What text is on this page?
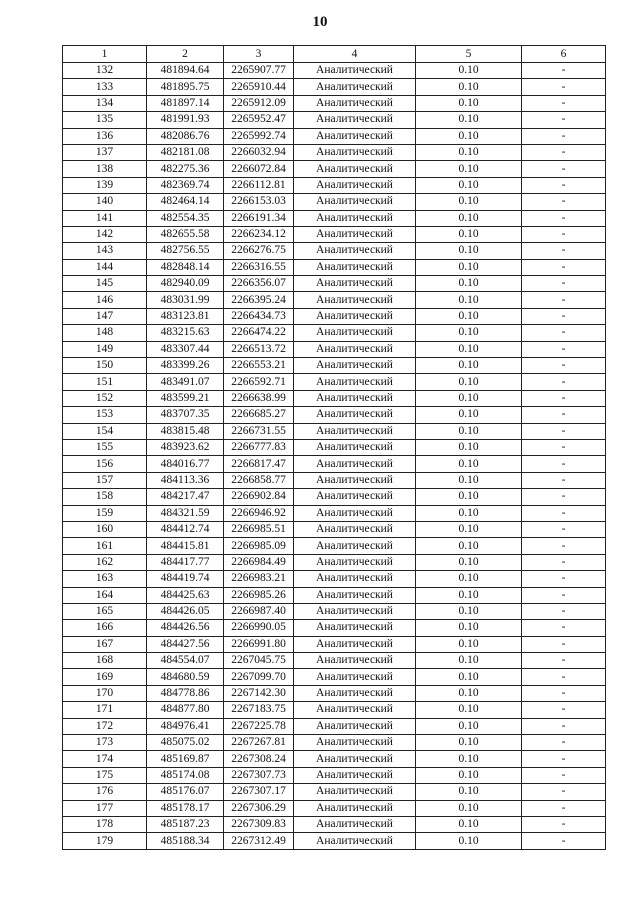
10
1	2	3	4	5	6
132	481894.64	2265907.77	Аналитический	0.10	-
133	481895.75	2265910.44	Аналитический	0.10	-
134	481897.14	2265912.09	Аналитический	0.10	-
135	481991.93	2265952.47	Аналитический	0.10	-
136	482086.76	2265992.74	Аналитический	0.10	-
137	482181.08	2266032.94	Аналитический	0.10	-
138	482275.36	2266072.84	Аналитический	0.10	-
139	482369.74	2266112.81	Аналитический	0.10	-
140	482464.14	2266153.03	Аналитический	0.10	-
141	482554.35	2266191.34	Аналитический	0.10	-
142	482655.58	2266234.12	Аналитический	0.10	-
143	482756.55	2266276.75	Аналитический	0.10	-
144	482848.14	2266316.55	Аналитический	0.10	-
145	482940.09	2266356.07	Аналитический	0.10	-
146	483031.99	2266395.24	Аналитический	0.10	-
147	483123.81	2266434.73	Аналитический	0.10	-
148	483215.63	2266474.22	Аналитический	0.10	-
149	483307.44	2266513.72	Аналитический	0.10	-
150	483399.26	2266553.21	Аналитический	0.10	-
151	483491.07	2266592.71	Аналитический	0.10	-
152	483599.21	2266638.99	Аналитический	0.10	-
153	483707.35	2266685.27	Аналитический	0.10	-
154	483815.48	2266731.55	Аналитический	0.10	-
155	483923.62	2266777.83	Аналитический	0.10	-
156	484016.77	2266817.47	Аналитический	0.10	-
157	484113.36	2266858.77	Аналитический	0.10	-
158	484217.47	2266902.84	Аналитический	0.10	-
159	484321.59	2266946.92	Аналитический	0.10	-
160	484412.74	2266985.51	Аналитический	0.10	-
161	484415.81	2266985.09	Аналитический	0.10	-
162	484417.77	2266984.49	Аналитический	0.10	-
163	484419.74	2266983.21	Аналитический	0.10	-
164	484425.63	2266985.26	Аналитический	0.10	-
165	484426.05	2266987.40	Аналитический	0.10	-
166	484426.56	2266990.05	Аналитический	0.10	-
167	484427.56	2266991.80	Аналитический	0.10	-
168	484554.07	2267045.75	Аналитический	0.10	-
169	484680.59	2267099.70	Аналитический	0.10	-
170	484778.86	2267142.30	Аналитический	0.10	-
171	484877.80	2267183.75	Аналитический	0.10	-
172	484976.41	2267225.78	Аналитический	0.10	-
173	485075.02	2267267.81	Аналитический	0.10	-
174	485169.87	2267308.24	Аналитический	0.10	-
175	485174.08	2267307.73	Аналитический	0.10	-
176	485176.07	2267307.17	Аналитический	0.10	-
177	485178.17	2267306.29	Аналитический	0.10	-
178	485187.23	2267309.83	Аналитический	0.10	-
179	485188.34	2267312.49	Аналитический	0.10	-
